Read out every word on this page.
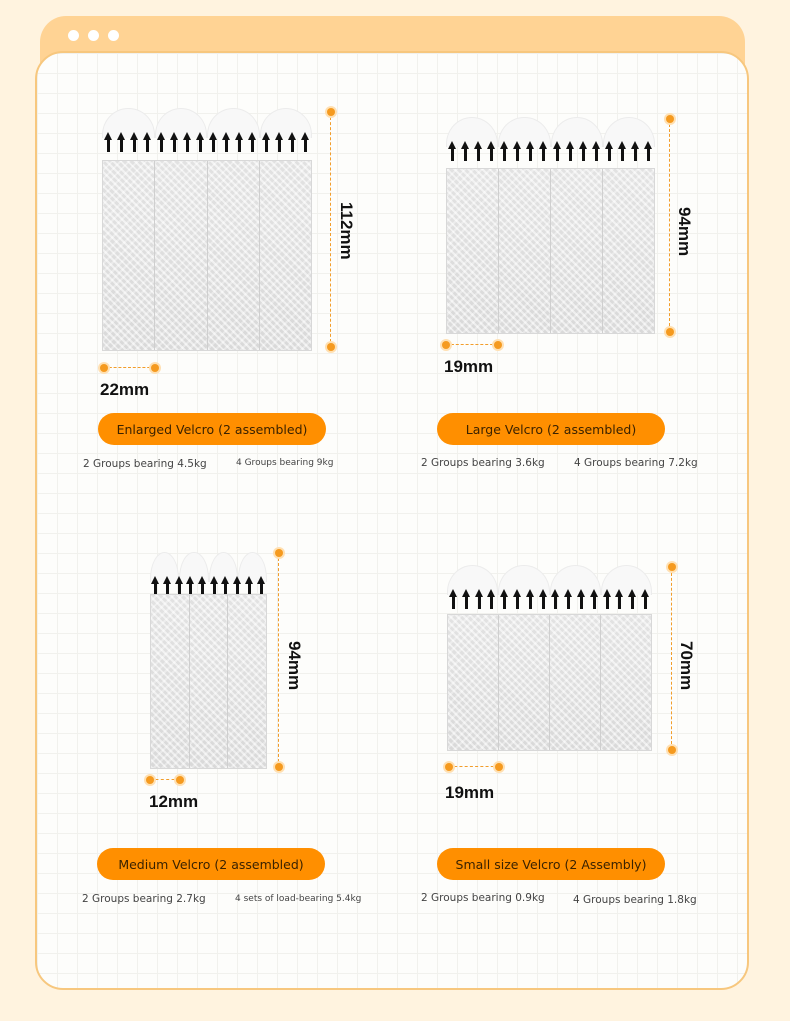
112mm
22mm
Enlarged Velcro (2 assembled)
2 Groups bearing 4.5kg	4 Groups bearing 9kg
94mm
19mm
Large Velcro (2 assembled)
2 Groups bearing 3.6kg	4 Groups bearing 7.2kg
94mm
12mm
Medium Velcro (2 assembled)
2 Groups bearing 2.7kg	4 sets of load-bearing 5.4kg
70mm
19mm
Small size Velcro (2 Assembly)
2 Groups bearing 0.9kg	4 Groups bearing 1.8kg
